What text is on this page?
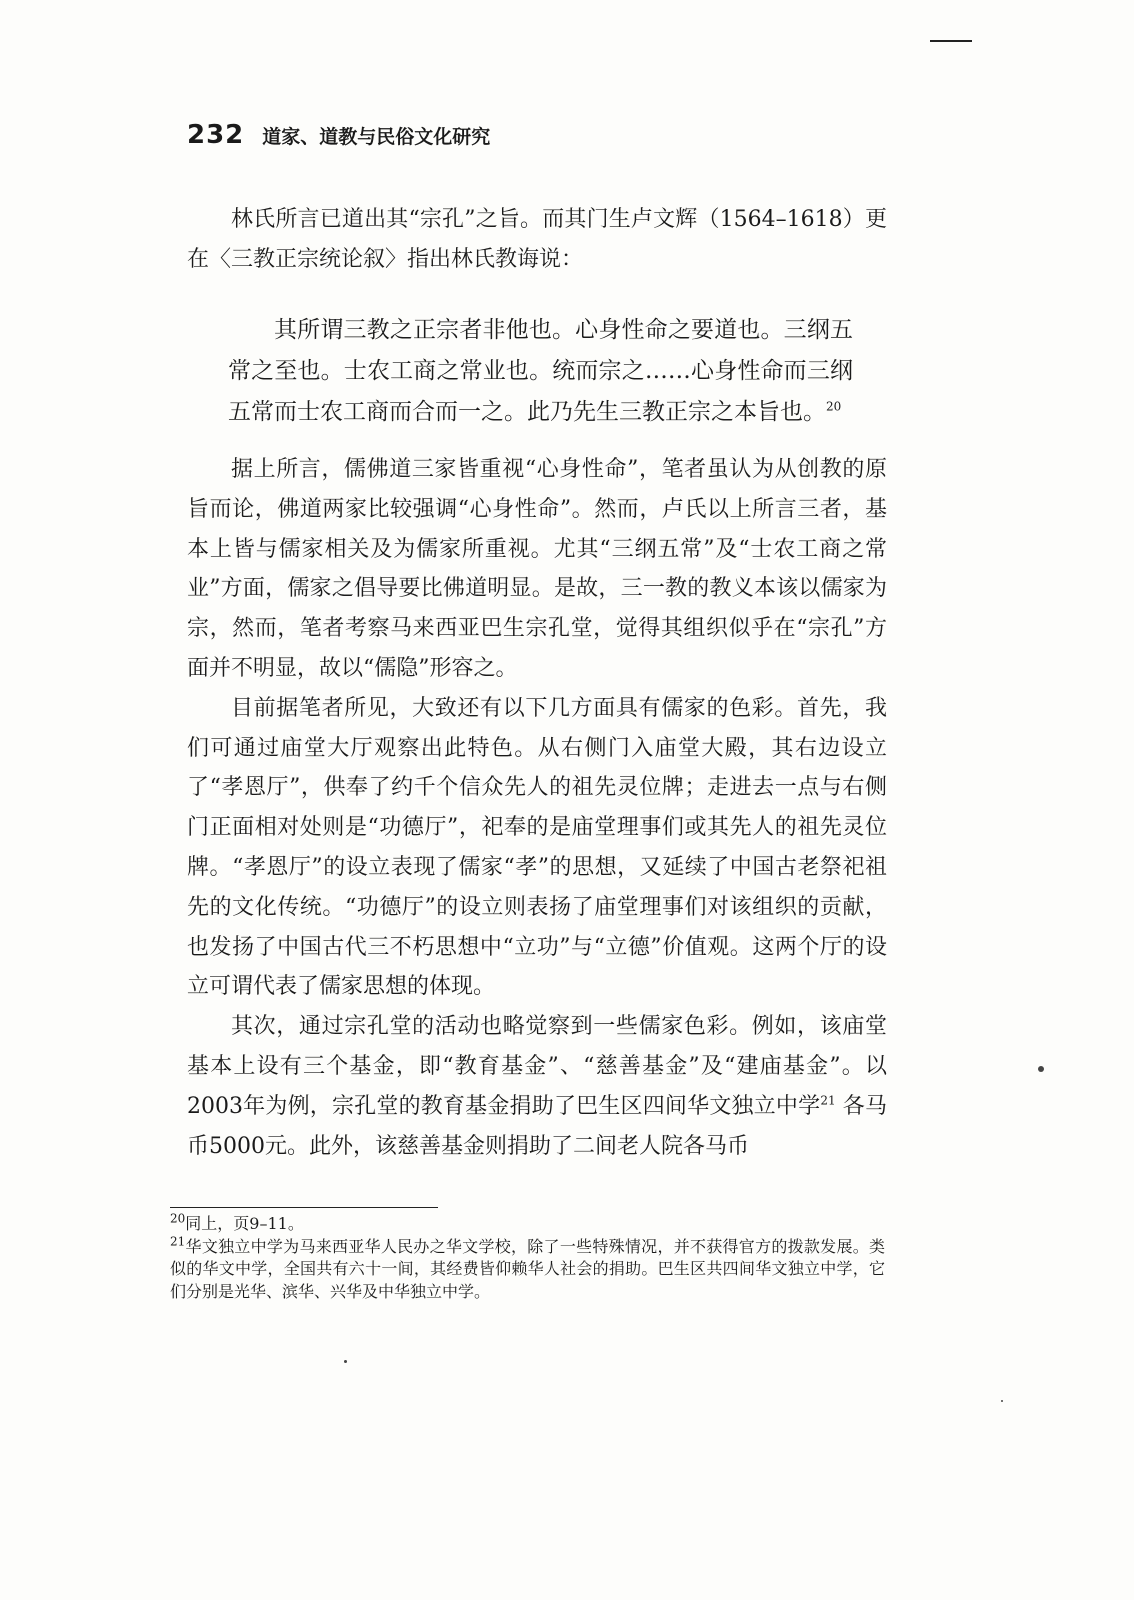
232 道家、道教与民俗文化研究

林氏所言已道出其“宗孔”之旨。而其门生卢文辉（1564–1618）更在〈三教正宗统论叙〉指出林氏教诲说：

其所谓三教之正宗者非他也。心身性命之要道也。三纲五常之至也。士农工商之常业也。统而宗之……心身性命而三纲五常而士农工商而合而一之。此乃先生三教正宗之本旨也。$^{20}$

据上所言，儒佛道三家皆重视“心身性命”，笔者虽认为从创教的原旨而论，佛道两家比较强调“心身性命”。然而，卢氏以上所言三者，基本上皆与儒家相关及为儒家所重视。尤其“三纲五常”及“士农工商之常业”方面，儒家之倡导要比佛道明显。是故，三一教的教义本该以儒家为宗，然而，笔者考察马来西亚巴生宗孔堂，觉得其组织似乎在“宗孔”方面并不明显，故以“儒隐”形容之。

目前据笔者所见，大致还有以下几方面具有儒家的色彩。首先，我们可通过庙堂大厅观察出此特色。从右侧门入庙堂大殿，其右边设立了“孝恩厅”，供奉了约千个信众先人的祖先灵位牌；走进去一点与右侧门正面相对处则是“功德厅”，祀奉的是庙堂理事们或其先人的祖先灵位牌。“孝恩厅”的设立表现了儒家“孝”的思想，又延续了中国古老祭祀祖先的文化传统。“功德厅”的设立则表扬了庙堂理事们对该组织的贡献，也发扬了中国古代三不朽思想中“立功”与“立德”价值观。这两个厅的设立可谓代表了儒家思想的体现。

其次，通过宗孔堂的活动也略觉察到一些儒家色彩。例如，该庙堂基本上设有三个基金，即“教育基金”、“慈善基金”及“建庙基金”。以2003年为例，宗孔堂的教育基金捐助了巴生区四间华文独立中学$^{21}$ 各马币5000元。此外，该慈善基金则捐助了二间老人院各马币

$^{20}$同上，页9–11。

$^{21}$华文独立中学为马来西亚华人民办之华文学校，除了一些特殊情况，并不获得官方的拨款发展。类似的华文中学，全国共有六十一间，其经费皆仰赖华人社会的捐助。巴生区共四间华文独立中学，它们分别是光华、滨华、兴华及中华独立中学。
